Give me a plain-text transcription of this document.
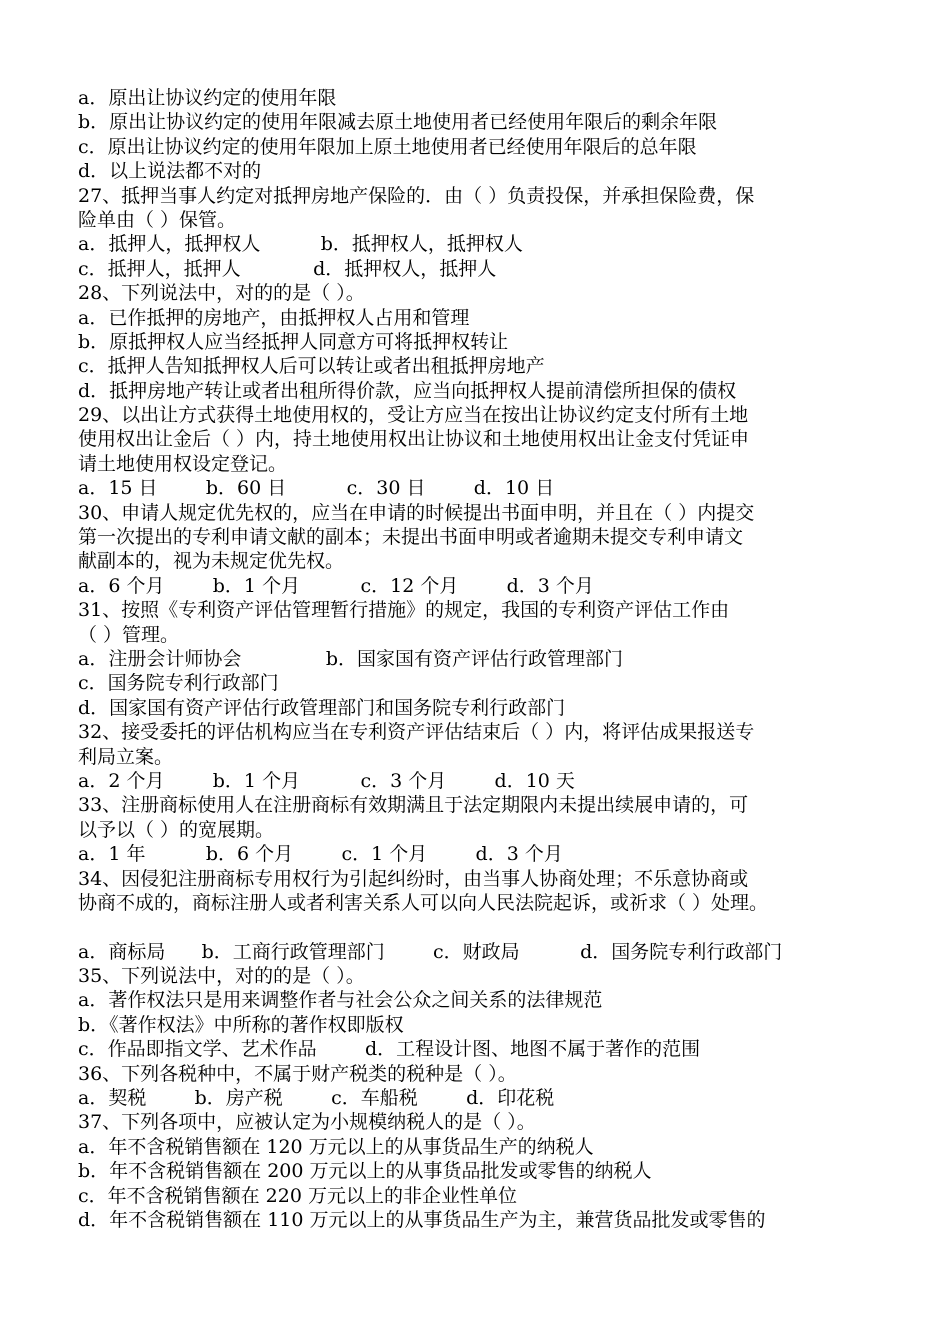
a．原出让协议约定的使用年限
b．原出让协议约定的使用年限减去原土地使用者已经使用年限后的剩余年限
c．原出让协议约定的使用年限加上原土地使用者已经使用年限后的总年限
d．以上说法都不对的
27、抵押当事人约定对抵押房地产保险的．由（ ）负责投保，并承担保险费，保
险单由（ ）保管。
a．抵押人，抵押权人          b．抵押权人，抵押权人
c．抵押人，抵押人            d．抵押权人，抵押人
28、下列说法中，对的的是（ ）。
a．已作抵押的房地产，由抵押权人占用和管理
b．原抵押权人应当经抵押人同意方可将抵押权转让
c．抵押人告知抵押权人后可以转让或者出租抵押房地产
d．抵押房地产转让或者出租所得价款，应当向抵押权人提前清偿所担保的债权
29、以出让方式获得土地使用权的，受让方应当在按出让协议约定支付所有土地
使用权出让金后（ ）内，持土地使用权出让协议和土地使用权出让金支付凭证申
请土地使用权设定登记。
a．15 日        b．60 日          c．30 日        d．10 日
30、申请人规定优先权的，应当在申请的时候提出书面申明，并且在（ ）内提交
第一次提出的专利申请文献的副本；未提出书面申明或者逾期未提交专利申请文
献副本的，视为未规定优先权。
a．6 个月        b．1 个月          c．12 个月        d．3 个月
31、按照《专利资产评估管理暂行措施》的规定，我国的专利资产评估工作由
（ ）管理。
a．注册会计师协会              b．国家国有资产评估行政管理部门
c．国务院专利行政部门
d．国家国有资产评估行政管理部门和国务院专利行政部门
32、接受委托的评估机构应当在专利资产评估结束后（ ）内，将评估成果报送专
利局立案。
a．2 个月        b．1 个月          c．3 个月        d．10 天
33、注册商标使用人在注册商标有效期满且于法定期限内未提出续展申请的，可
以予以（ ）的宽展期。
a．1 年          b．6 个月        c．1 个月        d．3 个月
34、因侵犯注册商标专用权行为引起纠纷时，由当事人协商处理；不乐意协商或
协商不成的，商标注册人或者利害关系人可以向人民法院起诉，或祈求（ ）处理。
a．商标局      b．工商行政管理部门        c．财政局          d．国务院专利行政部门
35、下列说法中，对的的是（ ）。
a．著作权法只是用来调整作者与社会公众之间关系的法律规范
b．《著作权法》中所称的著作权即版权
c．作品即指文学、艺术作品        d．工程设计图、地图不属于著作的范围
36、下列各税种中，不属于财产税类的税种是（ ）。
a．契税        b．房产税        c．车船税        d．印花税
37、下列各项中，应被认定为小规模纳税人的是（ ）。
a．年不含税销售额在 120 万元以上的从事货品生产的纳税人
b．年不含税销售额在 200 万元以上的从事货品批发或零售的纳税人
c．年不含税销售额在 220 万元以上的非企业性单位
d．年不含税销售额在 110 万元以上的从事货品生产为主，兼营货品批发或零售的
